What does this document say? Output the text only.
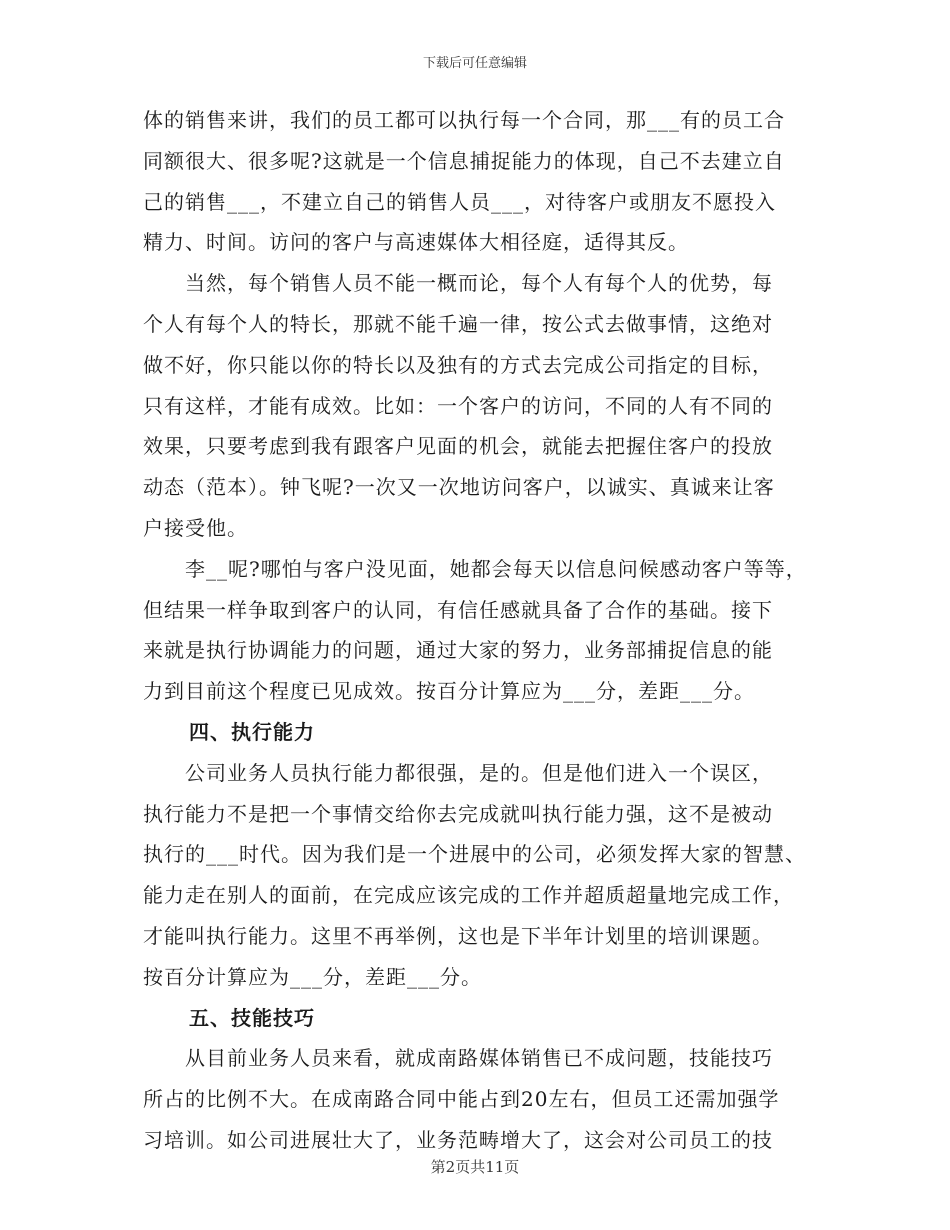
下载后可任意编辑

体的销售来讲，我们的员工都可以执行每一个合同，那___有的员工合

同额很大、很多呢?这就是一个信息捕捉能力的体现，自己不去建立自

己的销售___，不建立自己的销售人员___，对待客户或朋友不愿投入

精力、时间。访问的客户与高速媒体大相径庭，适得其反。

　　当然，每个销售人员不能一概而论，每个人有每个人的优势，每

个人有每个人的特长，那就不能千遍一律，按公式去做事情，这绝对

做不好，你只能以你的特长以及独有的方式去完成公司指定的目标，

只有这样，才能有成效。比如：一个客户的访问，不同的人有不同的

效果，只要考虑到我有跟客户见面的机会，就能去把握住客户的投放

动态（范本）。钟飞呢?一次又一次地访问客户，以诚实、真诚来让客

户接受他。

　　李__呢?哪怕与客户没见面，她都会每天以信息问候感动客户等等，

但结果一样争取到客户的认同，有信任感就具备了合作的基础。接下

来就是执行协调能力的问题，通过大家的努力，业务部捕捉信息的能

力到目前这个程度已见成效。按百分计算应为___分，差距___分。

四、执行能力

　　公司业务人员执行能力都很强，是的。但是他们进入一个误区，

执行能力不是把一个事情交给你去完成就叫执行能力强，这不是被动

执行的___时代。因为我们是一个进展中的公司，必须发挥大家的智慧、

能力走在别人的面前，在完成应该完成的工作并超质超量地完成工作，

才能叫执行能力。这里不再举例，这也是下半年计划里的培训课题。

按百分计算应为___分，差距___分。

五、技能技巧

　　从目前业务人员来看，就成南路媒体销售已不成问题，技能技巧

所占的比例不大。在成南路合同中能占到20左右，但员工还需加强学

习培训。如公司进展壮大了，业务范畴增大了，这会对公司员工的技

第2页共11页
